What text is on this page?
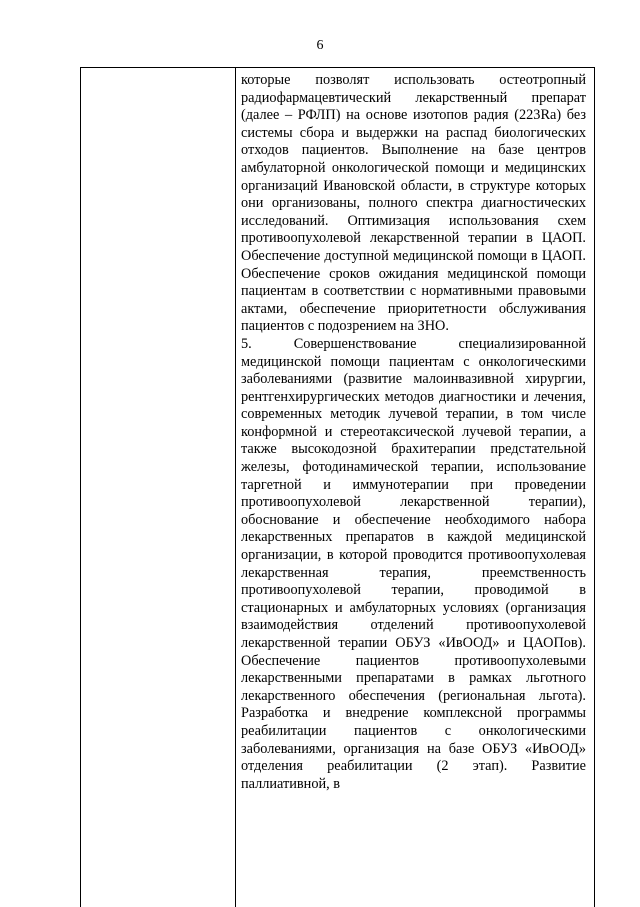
6

которые позволят использовать остеотропный радиофармацевтический лекарственный препарат (далее – РФЛП) на основе изотопов радия (223Ra) без системы сбора и выдержки на распад биологических отходов пациентов. Выполнение на базе центров амбулаторной онкологической помощи и медицинских организаций Ивановской области, в структуре которых они организованы, полного спектра диагностических исследований. Оптимизация использования схем противоопухолевой лекарственной терапии в ЦАОП. Обеспечение доступной медицинской помощи в ЦАОП. Обеспечение сроков ожидания медицинской помощи пациентам в соответствии с нормативными правовыми актами, обеспечение приоритетности обслуживания пациентов с подозрением на ЗНО.

5. Совершенствование специализированной медицинской помощи пациентам с онкологическими заболеваниями (развитие малоинвазивной хирургии, рентгенхирургических методов диагностики и лечения, современных методик лучевой терапии, в том числе конформной и стереотаксической лучевой терапии, а также высокодозной брахитерапии предстательной железы, фотодинамической терапии, использование таргетной и иммунотерапии при проведении противоопухолевой лекарственной терапии), обоснование и обеспечение необходимого набора лекарственных препаратов в каждой медицинской организации, в которой проводится противоопухолевая лекарственная терапия, преемственность противоопухолевой терапии, проводимой в стационарных и амбулаторных условиях (организация взаимодействия отделений противоопухолевой лекарственной терапии ОБУЗ «ИвООД» и ЦАОПов). Обеспечение пациентов противоопухолевыми лекарственными препаратами в рамках льготного лекарственного обеспечения (региональная льгота). Разработка и внедрение комплексной программы реабилитации пациентов с онкологическими заболеваниями, организация на базе ОБУЗ «ИвООД» отделения реабилитации (2 этап). Развитие паллиативной, в
